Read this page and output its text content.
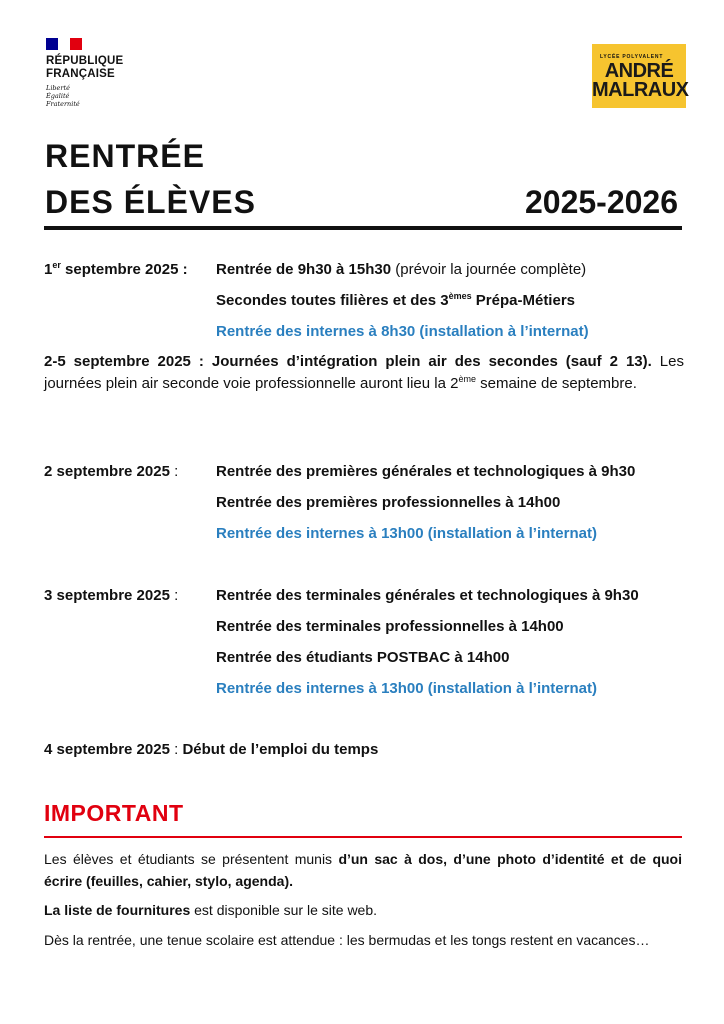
RÉPUBLIQUE
FRANÇAISE
Liberté
Égalité
Fraternité
LYCÉE POLYVALENT
ANDRÉ
MALRAUX
RENTRÉE
DES ÉLÈVES	2025-2026
1er septembre 2025 :	Rentrée de 9h30 à 15h30 (prévoir la journée complète)
Secondes toutes filières et des 3èmes Prépa-Métiers
Rentrée des internes à 8h30 (installation à l’internat)
2-5 septembre 2025 : Journées d’intégration plein air des secondes (sauf 2 13). Les journées plein air seconde voie professionnelle auront lieu la 2ème semaine de septembre.
2 septembre 2025 :	Rentrée des premières générales et technologiques à 9h30
Rentrée des premières professionnelles à 14h00
Rentrée des internes à 13h00 (installation à l’internat)
3 septembre 2025 :	Rentrée des terminales générales et technologiques à 9h30
Rentrée des terminales professionnelles à 14h00
Rentrée des étudiants POSTBAC à 14h00
Rentrée des internes à 13h00 (installation à l’internat)
4 septembre 2025 : Début de l’emploi du temps
IMPORTANT
Les élèves et étudiants se présentent munis d’un sac à dos, d’une photo d’identité et de quoi écrire (feuilles, cahier, stylo, agenda).
La liste de fournitures est disponible sur le site web.
Dès la rentrée, une tenue scolaire est attendue : les bermudas et les tongs restent en vacances…
